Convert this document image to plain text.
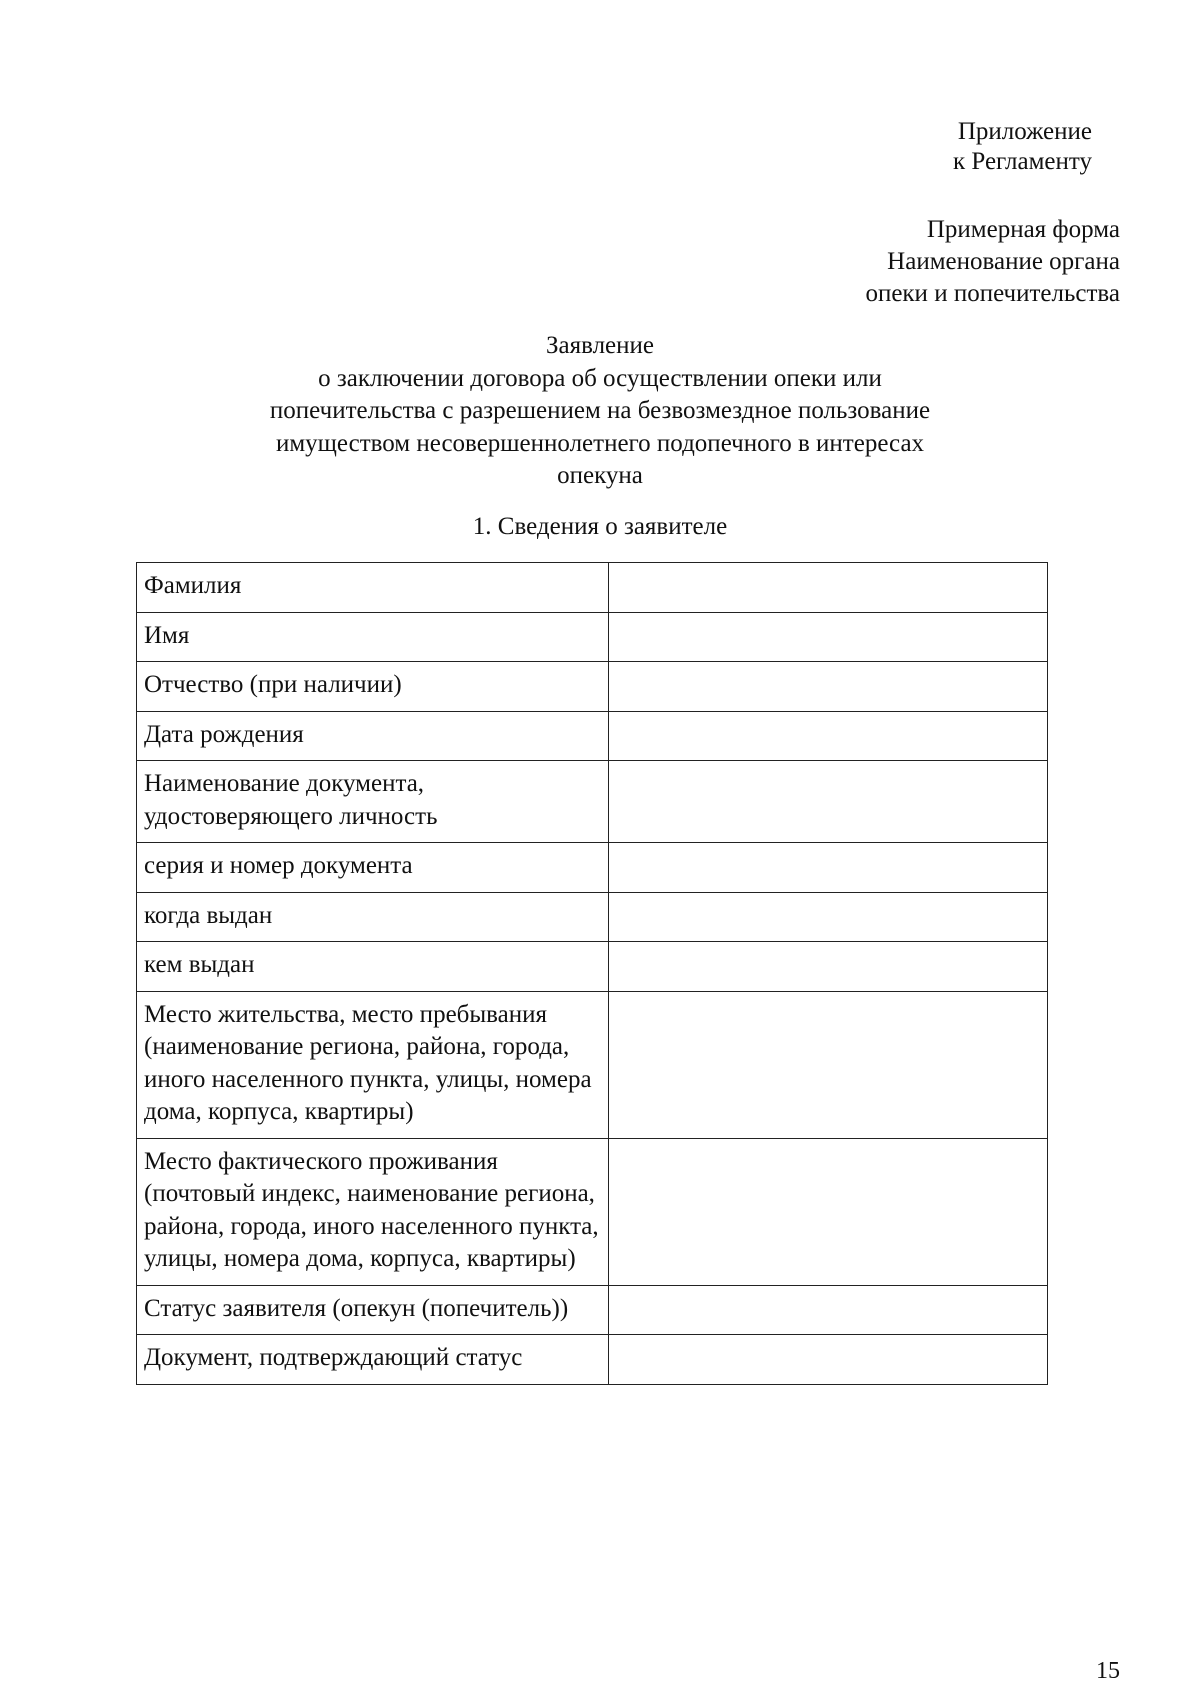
Приложение
к Регламенту
Примерная форма
Наименование органа
опеки и попечительства
Заявление
о заключении договора об осуществлении опеки или
попечительства с разрешением на безвозмездное пользование
имуществом несовершеннолетнего подопечного в интересах
опекуна
1. Сведения о заявителе
Фамилия	
Имя	
Отчество (при наличии)	
Дата рождения	
Наименование документа, удостоверяющего личность	
серия и номер документа	
когда выдан	
кем выдан	
Место жительства, место пребывания (наименование региона, района, города, иного населенного пункта, улицы, номера дома, корпуса, квартиры)	
Место фактического проживания (почтовый индекс, наименование региона, района, города, иного населенного пункта, улицы, номера дома, корпуса, квартиры)	
Статус заявителя (опекун (попечитель))	
Документ, подтверждающий статус	
15
